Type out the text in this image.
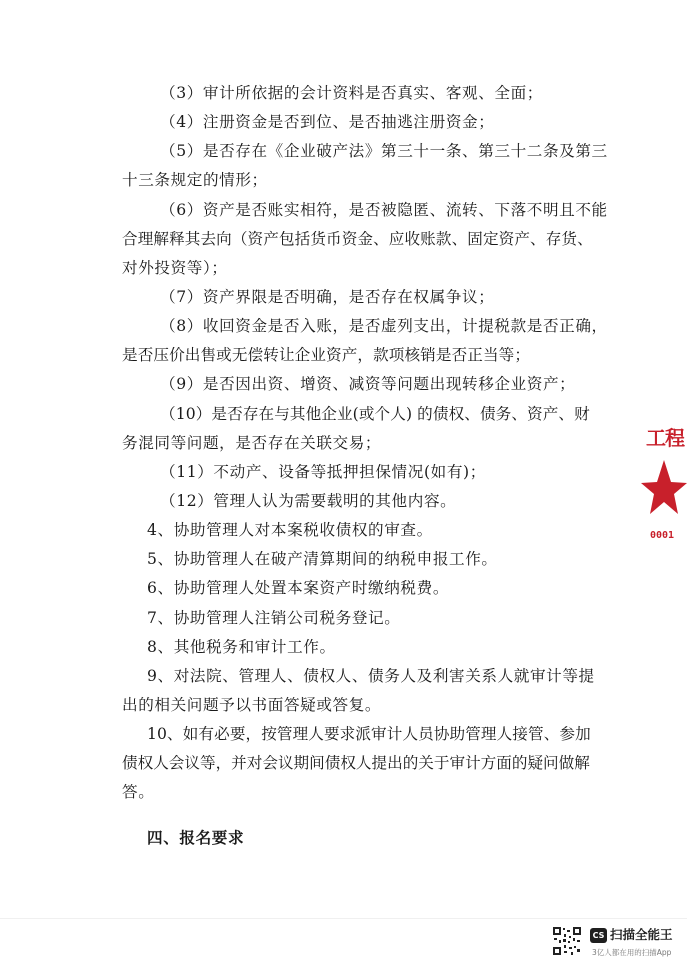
（3）审计所依据的会计资料是否真实、客观、全面；
（4）注册资金是否到位、是否抽逃注册资金；
（5）是否存在《企业破产法》第三十一条、第三十二条及第三
十三条规定的情形；
（6）资产是否账实相符，是否被隐匿、流转、下落不明且不能
合理解释其去向（资产包括货币资金、应收账款、固定资产、存货、
对外投资等）；
（7）资产界限是否明确，是否存在权属争议；
（8）收回资金是否入账，是否虚列支出，计提税款是否正确，
是否压价出售或无偿转让企业资产，款项核销是否正当等；
（9）是否因出资、增资、减资等问题出现转移企业资产；
（10）是否存在与其他企业(或个人) 的债权、债务、资产、财
务混同等问题，是否存在关联交易；
（11）不动产、设备等抵押担保情况(如有)；
（12）管理人认为需要载明的其他内容。
4、协助管理人对本案税收债权的审查。
5、协助管理人在破产清算期间的纳税申报工作。
6、协助管理人处置本案资产时缴纳税费。
7、协助管理人注销公司税务登记。
8、其他税务和审计工作。
9、对法院、管理人、债权人、债务人及利害关系人就审计等提
出的相关问题予以书面答疑或答复。
10、如有必要，按管理人要求派审计人员协助管理人接管、参加
债权人会议等，并对会议期间债权人提出的关于审计方面的疑问做解
答。
四、报名要求
工程
0001
CS 扫描全能王
3亿人都在用的扫描App
